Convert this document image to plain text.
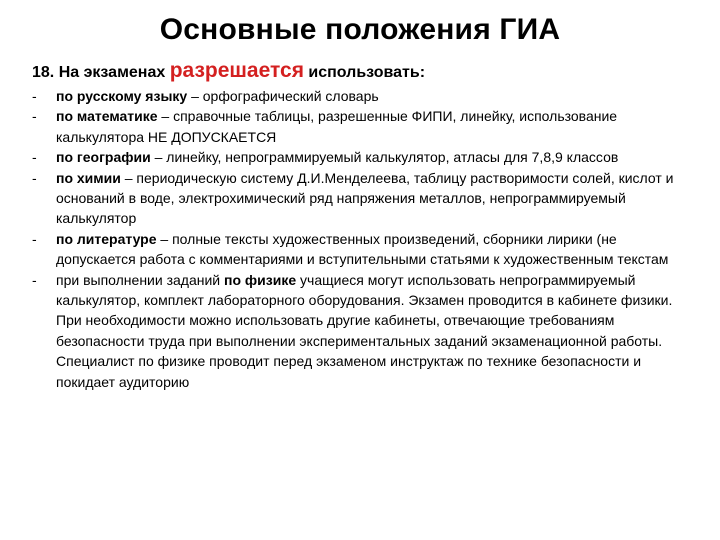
Основные положения ГИА
18. На экзаменах разрешается использовать:
- по русскому языку – орфографический словарь
- по математике – справочные таблицы, разрешенные ФИПИ, линейку, использование калькулятора НЕ ДОПУСКАЕТСЯ
- по географии – линейку, непрограммируемый калькулятор, атласы для 7,8,9 классов
- по химии – периодическую систему Д.И.Менделеева, таблицу растворимости солей, кислот и оснований в воде, электрохимический ряд напряжения металлов, непрограммируемый калькулятор
- по литературе – полные тексты художественных произведений, сборники лирики (не допускается работа с комментариями и вступительными статьями к художественным текстам
- при выполнении заданий по физике учащиеся могут использовать непрограммируемый калькулятор, комплект лабораторного оборудования. Экзамен проводится в кабинете физики. При необходимости можно использовать другие кабинеты, отвечающие требованиям безопасности труда при выполнении экспериментальных заданий экзаменационной работы. Специалист по физике проводит перед экзаменом инструктаж по технике безопасности и покидает аудиторию
